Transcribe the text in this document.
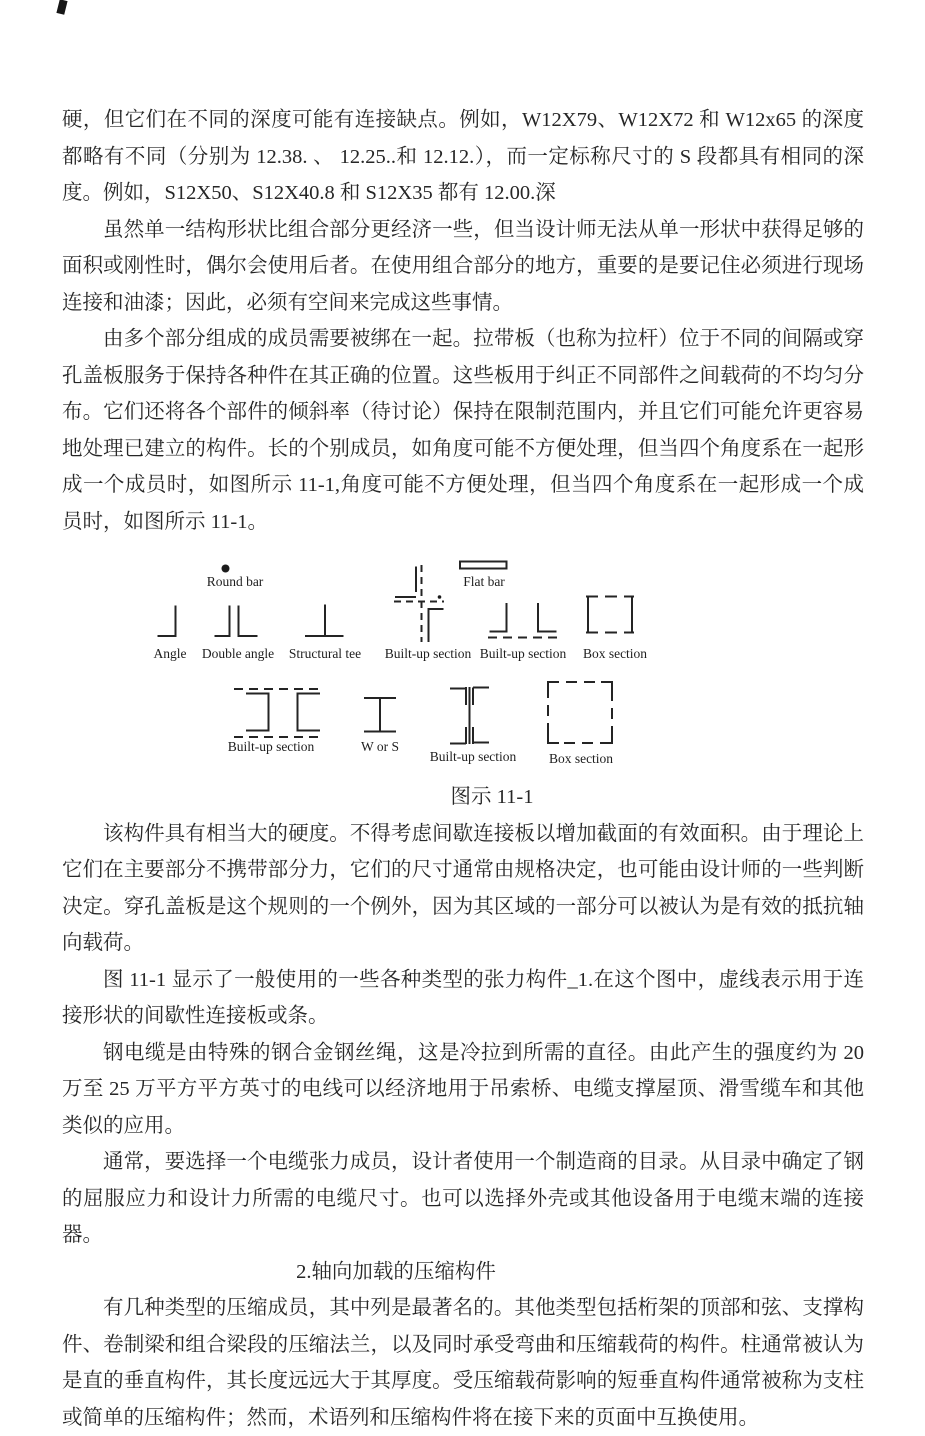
硬，但它们在不同的深度可能有连接缺点。例如，W12X79、W12X72 和 W12x65 的深度都略有不同（分别为 12.38. 、 12.25..和 12.12.），而一定标称尺寸的 S 段都具有相同的深度。例如，S12X50、S12X40.8 和 S12X35 都有 12.00.深

虽然单一结构形状比组合部分更经济一些，但当设计师无法从单一形状中获得足够的面积或刚性时，偶尔会使用后者。在使用组合部分的地方，重要的是要记住必须进行现场连接和油漆；因此，必须有空间来完成这些事情。

由多个部分组成的成员需要被绑在一起。拉带板（也称为拉杆）位于不同的间隔或穿孔盖板服务于保持各种件在其正确的位置。这些板用于纠正不同部件之间载荷的不均匀分布。它们还将各个部件的倾斜率（待讨论）保持在限制范围内，并且它们可能允许更容易地处理已建立的构件。长的个别成员，如角度可能不方便处理，但当四个角度系在一起形成一个成员时，如图所示 11-1,角度可能不方便处理，但当四个角度系在一起形成一个成员时，如图所示 11-1。

Round bar	Flat bar
Angle Double angle Structural tee Built-up section Built-up section Box section
Built-up section	W or S
Built-up section Box section

图示 11-1

该构件具有相当大的硬度。不得考虑间歇连接板以增加截面的有效面积。由于理论上它们在主要部分不携带部分力，它们的尺寸通常由规格决定，也可能由设计师的一些判断决定。穿孔盖板是这个规则的一个例外，因为其区域的一部分可以被认为是有效的抵抗轴向载荷。

图 11-1 显示了一般使用的一些各种类型的张力构件_1.在这个图中，虚线表示用于连接形状的间歇性连接板或条。

钢电缆是由特殊的钢合金钢丝绳，这是冷拉到所需的直径。由此产生的强度约为 20 万至 25 万平方平方英寸的电线可以经济地用于吊索桥、电缆支撑屋顶、滑雪缆车和其他类似的应用。

通常，要选择一个电缆张力成员，设计者使用一个制造商的目录。从目录中确定了钢的屈服应力和设计力所需的电缆尺寸。也可以选择外壳或其他设备用于电缆末端的连接器。

2.轴向加载的压缩构件

有几种类型的压缩成员，其中列是最著名的。其他类型包括桁架的顶部和弦、支撑构件、卷制梁和组合梁段的压缩法兰，以及同时承受弯曲和压缩载荷的构件。柱通常被认为是直的垂直构件，其长度远远大于其厚度。受压缩载荷影响的短垂直构件通常被称为支柱或简单的压缩构件；然而，术语列和压缩构件将在接下来的页面中互换使用。
